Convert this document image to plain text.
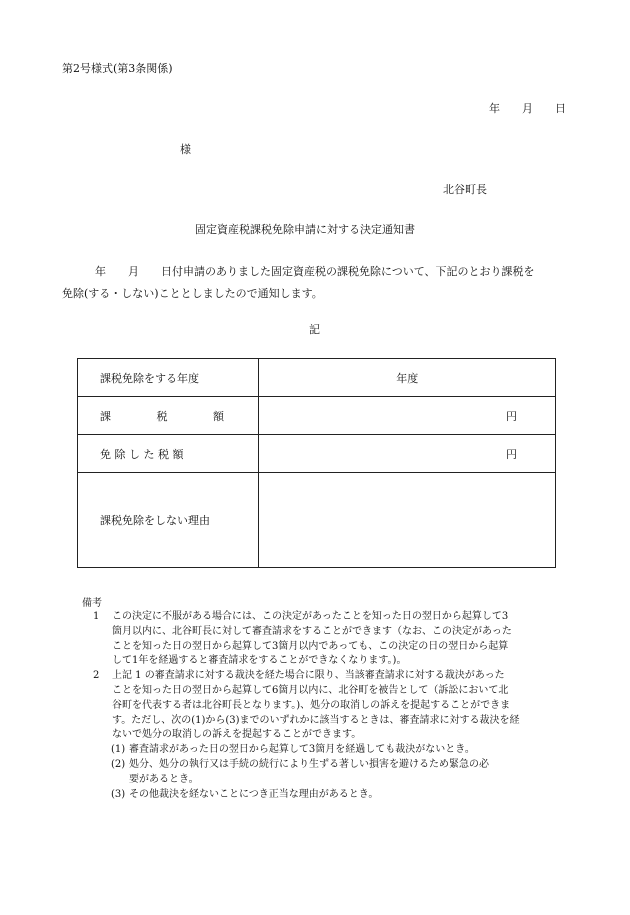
第2号様式(第3条関係)
年 月 日
様
北谷町長
固定資産税課税免除申請に対する決定通知書
年　　月　　日付申請のありました固定資産税の課税免除について、下記のとおり課税を
免除(する・しない)こととしましたので通知します。
記
課税免除をする年度	年度
課　　税　　額	円
免 除 し た 税 額	円
課税免除をしない理由	
備考
1 この決定に不服がある場合には、この決定があったことを知った日の翌日から起算して3
箇月以内に、北谷町長に対して審査請求をすることができます（なお、この決定があった
ことを知った日の翌日から起算して3箇月以内であっても、この決定の日の翌日から起算
して1年を経過すると審査請求をすることができなくなります。)。
2 上記 1 の審査請求に対する裁決を経た場合に限り、当該審査請求に対する裁決があった
ことを知った日の翌日から起算して6箇月以内に、北谷町を被告として（訴訟において北
谷町を代表する者は北谷町長となります。)、処分の取消しの訴えを提起することができま
す。ただし、次の(1)から(3)までのいずれかに該当するときは、審査請求に対する裁決を経
ないで処分の取消しの訴えを提起することができます。
(1) 審査請求があった日の翌日から起算して3箇月を経過しても裁決がないとき。
(2) 処分、処分の執行又は手続の続行により生ずる著しい損害を避けるため緊急の必
要があるとき。
(3) その他裁決を経ないことにつき正当な理由があるとき。
